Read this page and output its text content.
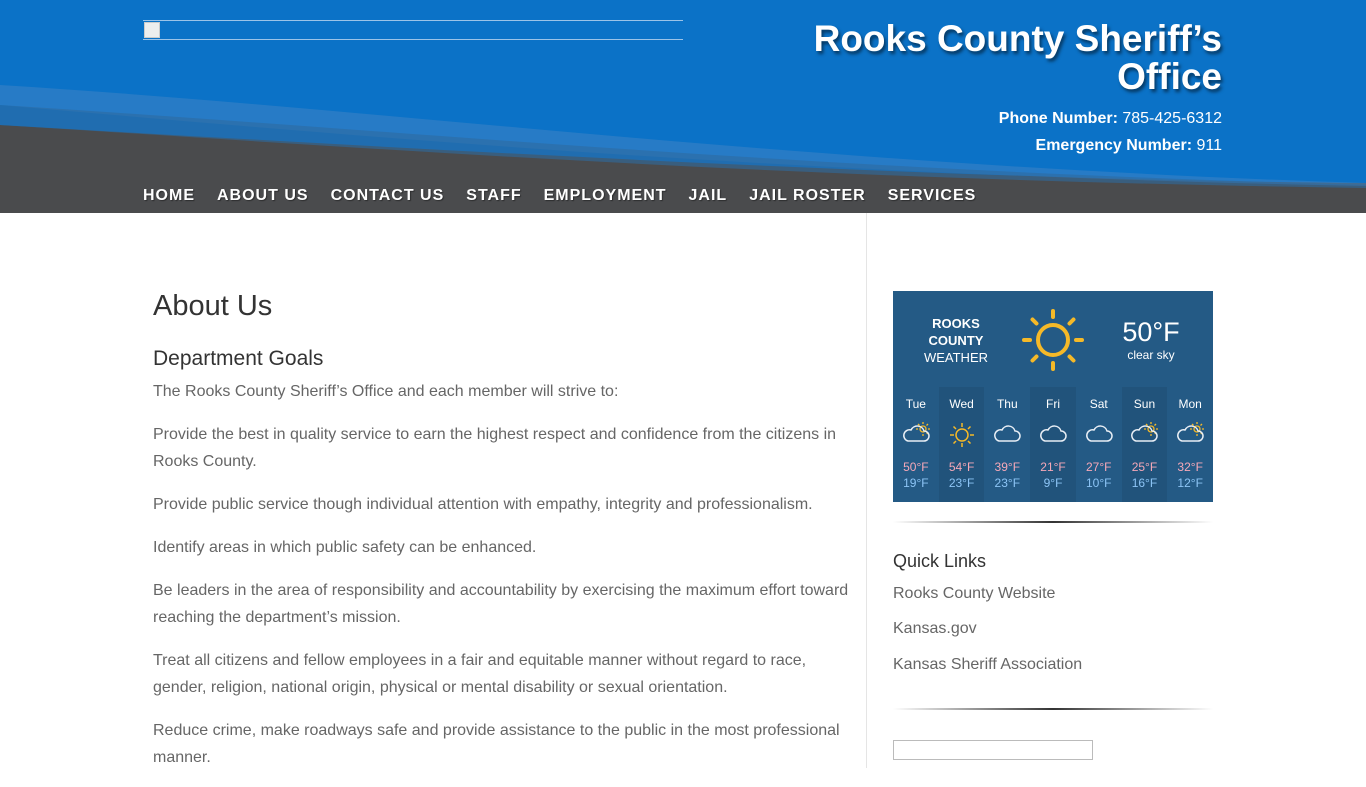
Rooks County Sheriff’s Office
Phone Number: 785-425-6312
Emergency Number: 911
HOME ABOUT US CONTACT US STAFF EMPLOYMENT JAIL JAIL ROSTER SERVICES
About Us
Department Goals

The Rooks County Sheriff’s Office and each member will strive to:

Provide the best in quality service to earn the highest respect and confidence from the citizens in Rooks County.

Provide public service though individual attention with empathy, integrity and professionalism.

Identify areas in which public safety can be enhanced.

Be leaders in the area of responsibility and accountability by exercising the maximum effort toward reaching the department’s mission.

Treat all citizens and fellow employees in a fair and equitable manner without regard to race, gender, religion, national origin, physical or mental disability or sexual orientation.

Reduce crime, make roadways safe and provide assistance to the public in the most professional manner.

ROOKS
COUNTY
WEATHER
50°F
clear sky
Tue
50°F
19°F
Wed
54°F
23°F
Thu
39°F
23°F
Fri
21°F
9°F
Sat
27°F
10°F
Sun
25°F
16°F
Mon
32°F
12°F
Quick Links
Rooks County Website
Kansas.gov
Kansas Sheriff Association
